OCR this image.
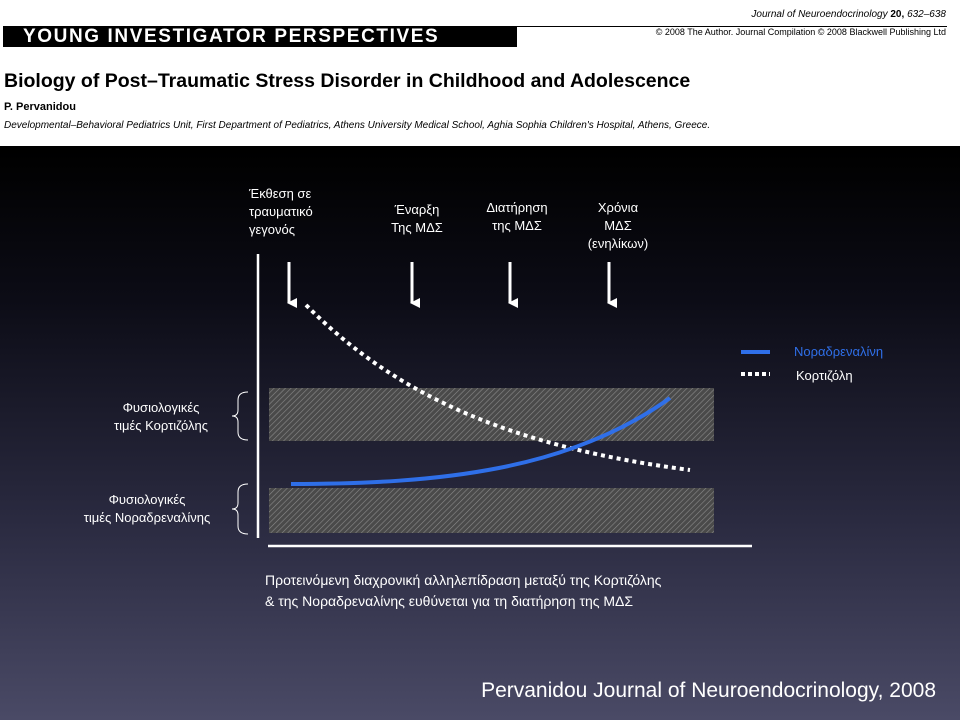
Journal of Neuroendocrinology 20, 632–638
© 2008 The Author. Journal Compilation © 2008 Blackwell Publishing Ltd
YOUNG INVESTIGATOR PERSPECTIVES
Biology of Post–Traumatic Stress Disorder in Childhood and Adolescence
P. Pervanidou
Developmental–Behavioral Pediatrics Unit, First Department of Pediatrics, Athens University Medical School, Aghia Sophia Children's Hospital, Athens, Greece.
Έκθεση σε
τραυματικό
γεγονός
Έναρξη
Της ΜΔΣ
Διατήρηση
της ΜΔΣ
Χρόνια
ΜΔΣ
(ενηλίκων)
Φυσιολογικές
τιμές Κορτιζόλης
Φυσιολογικές
τιμές Νοραδρεναλίνης
Νοραδρεναλίνη
Κορτιζόλη
Προτεινόμενη διαχρονική αλληλεπίδραση μεταξύ της Κορτιζόλης
& της Νοραδρεναλίνης ευθύνεται για τη διατήρηση της ΜΔΣ
Pervanidou Journal of Neuroendocrinology, 2008
